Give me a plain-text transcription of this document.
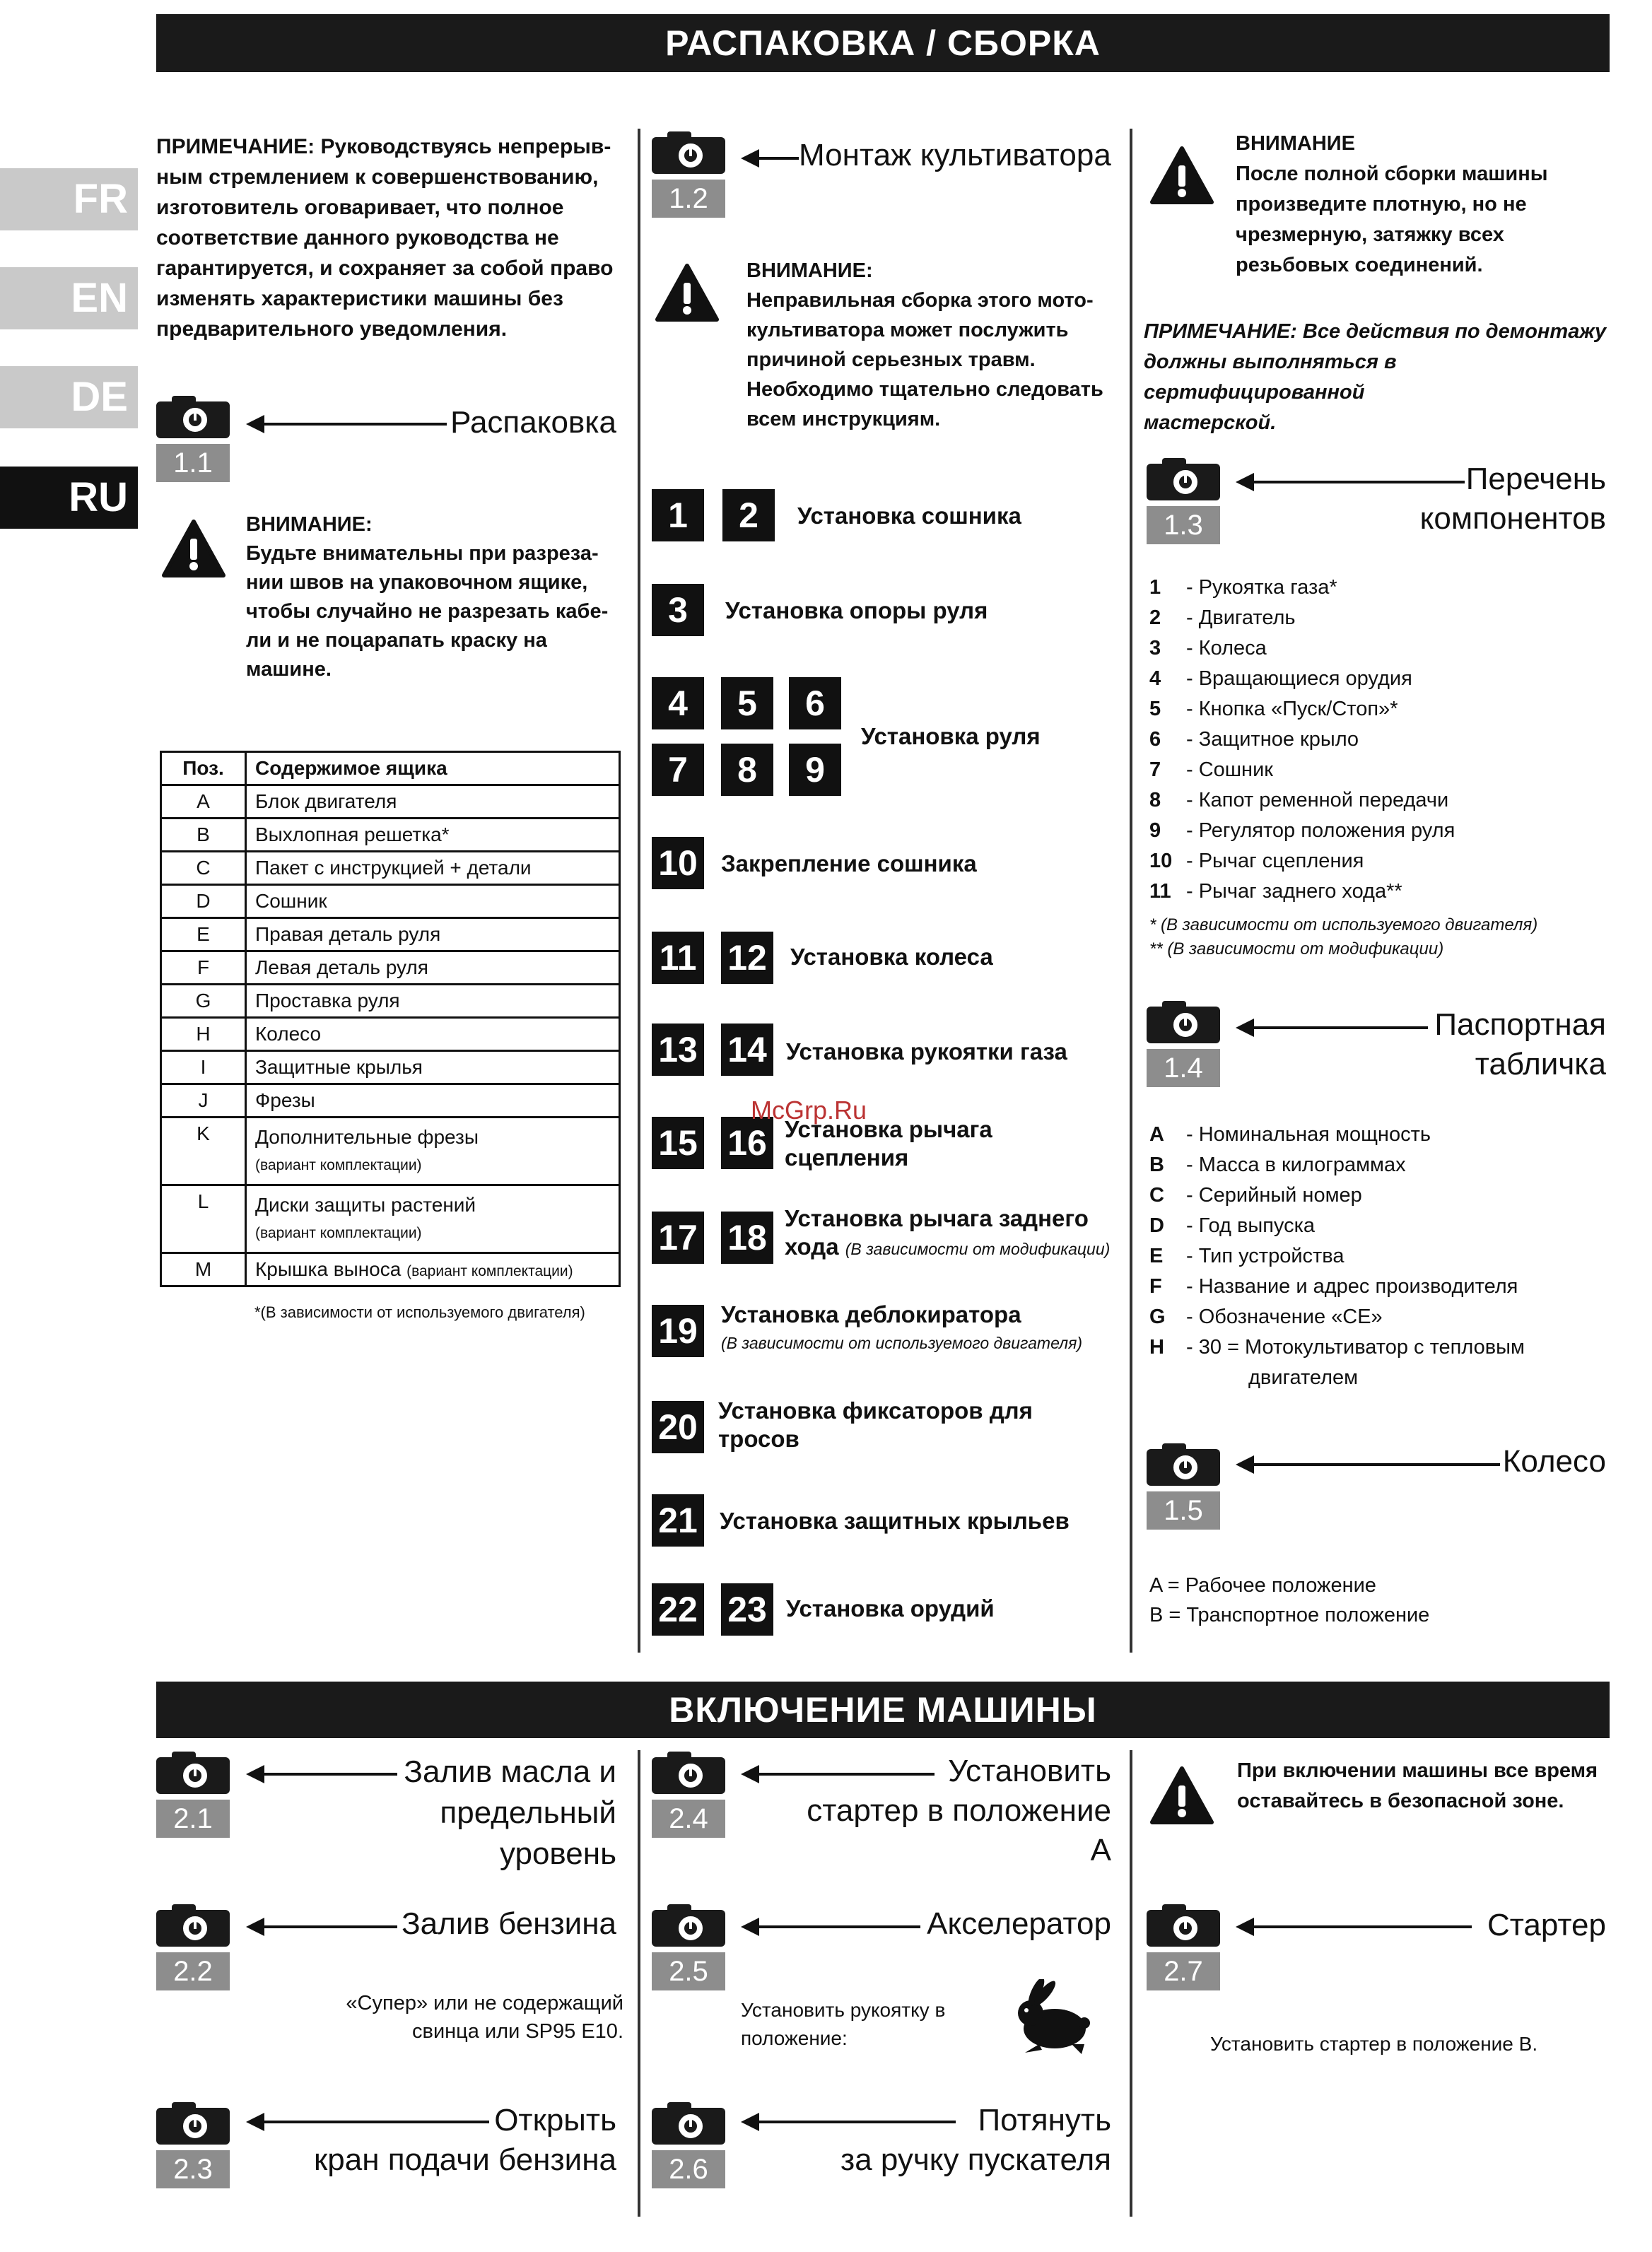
РАСПАКОВКА / СБОРКА
ВКЛЮЧЕНИЕ МАШИНЫ
FR
EN
DE
RU
ПРИМЕЧАНИЕ: Руководствуясь непрерыв-
ным стремлением к совершенствованию,
изготовитель оговаривает, что полное
соответствие данного руководства не
гарантируется, и сохраняет за собой право
изменять характеристики машины без
предварительного уведомления.
1.1
Распаковка
ВНИМАНИЕ:
Будьте внимательны при разреза-
нии швов на упаковочном ящике,
чтобы случайно не разрезать кабе-
ли и не поцарапать краску на
машине.
Поз.	Содержимое ящика
A	Блок двигателя
B	Выхлопная решетка*
C	Пакет с инструкцией + детали
D	Сошник
E	Правая деталь руля
F	Левая деталь руля
G	Проставка руля
H	Колесо
I	Защитные крылья
J	Фрезы
K	Дополнительные фрезы
(вариант комплектации)

L	Диски защиты растений
(вариант комплектации)

M	Крышка выноса (вариант комплектации)
*(В зависимости от используемого двигателя)
1.2
Монтаж культиватора
ВНИМАНИЕ:
Неправильная сборка этого мото-
культиватора может послужить
причиной серьезных травм.
Необходимо тщательно следовать
всем инструкциям.
1	2	Установка сошника
3	Установка опоры руля
4	5	6
7	8	9
Установка руля
10 Закрепление сошника
11 12 Установка колеса
13 14 Установка рукоятки газа
15 16 Установка рычага
сцепления
17 18 Установка рычага заднего
хода (В зависимости от модификации)
19 Установка деблокиратора
(В зависимости от используемого двигателя)
20 Установка фиксаторов для
тросов
21 Установка защитных крыльев
22 23 Установка орудий
McGrp.Ru
ВНИМАНИЕ
После полной сборки машины
произведите плотную, но не
чрезмерную, затяжку всех
резьбовых соединений.
ПРИМЕЧАНИЕ: Все действия по демонтажу
должны выполняться в сертифицированной
мастерской.
1.3
Перечень
компонентов
1 - Рукоятка газа*
2 - Двигатель
3 - Колеса
4 - Вращающиеся орудия
5 - Кнопка «Пуск/Стоп»*
6 - Защитное крыло
7 - Сошник
8 - Капот ременной передачи
9 - Регулятор положения руля
10 - Рычаг сцепления
11 - Рычаг заднего хода**
* (В зависимости от используемого двигателя)
** (В зависимости от модификации)
1.4
Паспортная
табличка
A - Номинальная мощность
B - Масса в килограммах
C - Серийный номер
D - Год выпуска
E - Тип устройства
F - Название и адрес производителя
G - Обозначение «CE»
H - 30 = Мотокультиватор с тепловым
двигателем
1.5
Колесо
A = Рабочее положение
B = Транспортное положение
2.1
Залив масла и
предельный
уровень
2.2
Залив бензина
«Супер» или не содержащий
свинца или SP95 E10.
2.3
Открыть
кран подачи бензина
2.4
Установить
стартер в положение А
2.5
Акселератор
Установить рукоятку в
положение:
2.6
Потянуть
за ручку пускателя
При включении машины все время
оставайтесь в безопасной зоне.
2.7
Стартер
Установить стартер в положение B.
